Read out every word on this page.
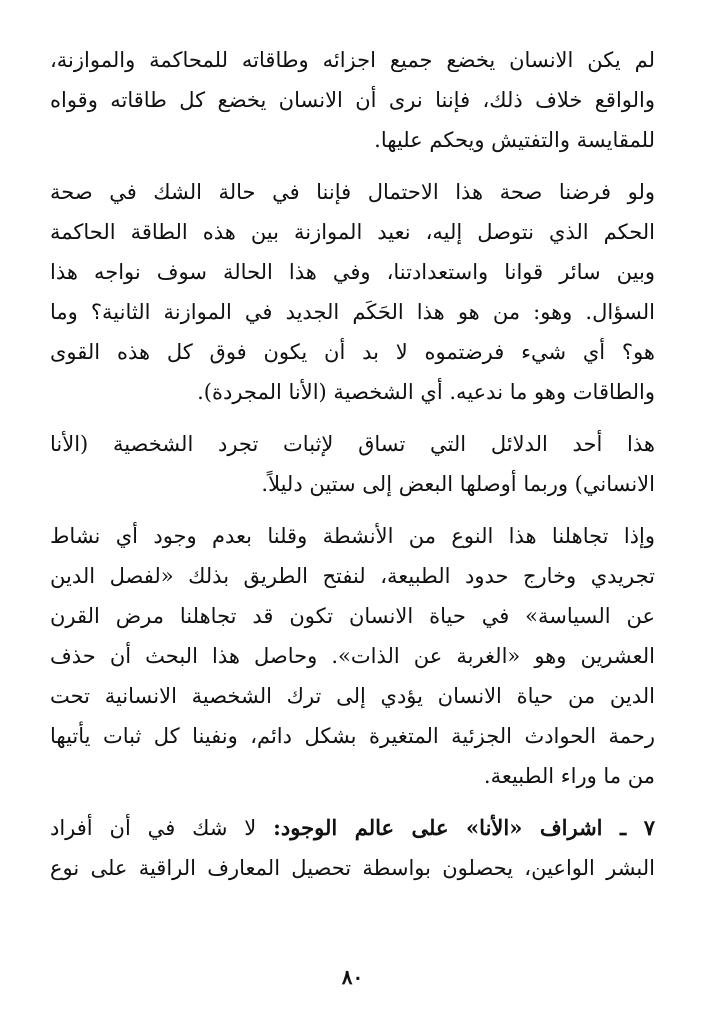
لم يكن الانسان يخضع جميع اجزائه وطاقاته للمحاكمة والموازنة،
والواقع خلاف ذلك، فإننا نرى أن الانسان يخضع كل طاقاته وقواه
للمقايسة والتفتيش ويحكم عليها.
ولو فرضنا صحة هذا الاحتمال فإننا في حالة الشك في صحة
الحكم الذي نتوصل إليه، نعيد الموازنة بين هذه الطاقة الحاكمة
وبين سائر قوانا واستعدادتنا، وفي هذا الحالة سوف نواجه هذا
السؤال. وهو: من هو هذا الحَكَم الجديد في الموازنة الثانية؟ وما
هو؟ أي شيء فرضتموه لا بد أن يكون فوق كل هذه القوى
والطاقات وهو ما ندعيه. أي الشخصية (الأنا المجردة).
هذا أحد الدلائل التي تساق لإثبات تجرد الشخصية (الأنا
الانساني) وربما أوصلها البعض إلى ستين دليلاً.
وإذا تجاهلنا هذا النوع من الأنشطة وقلنا بعدم وجود أي نشاط
تجريدي وخارج حدود الطبيعة، لنفتح الطريق بذلك «لفصل الدين
عن السياسة» في حياة الانسان تكون قد تجاهلنا مرض القرن
العشرين وهو «الغربة عن الذات». وحاصل هذا البحث أن حذف
الدين من حياة الانسان يؤدي إلى ترك الشخصية الانسانية تحت
رحمة الحوادث الجزئية المتغيرة بشكل دائم، ونفينا كل ثبات يأتيها
من ما وراء الطبيعة.
٧ ـ اشراف «الأنا» على عالم الوجود: لا شك في أن أفراد
البشر الواعين، يحصلون بواسطة تحصيل المعارف الراقية على نوع
٨٠
